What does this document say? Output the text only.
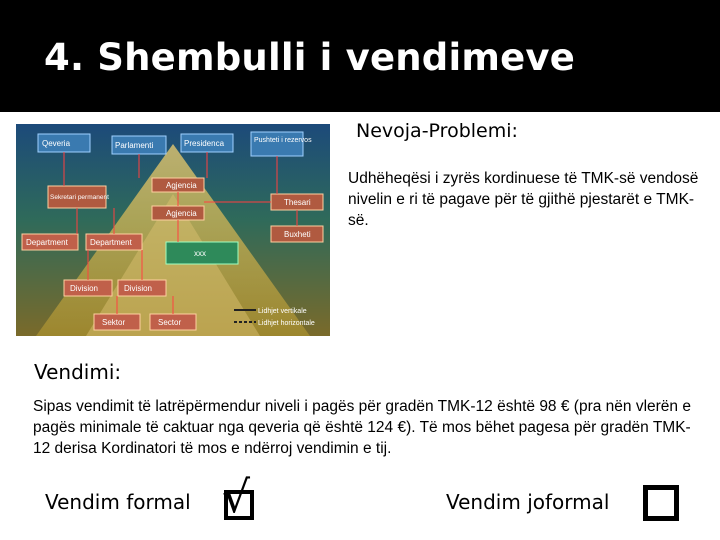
4. Shembulli i vendimeve
Qeveria	Parlamenti	Presidenca	Pushteti i rezervos
Sekretari permanent
Agjencia
Agjencia
Thesari
Buxheti
Department	Department
xxx
Division	Division
Sektor	Sector
Lidhjet vertikale
Lidhjet horizontale
Nevoja-Problemi:
Udhëheqësi i zyrës kordinuese të TMK-së vendosë nivelin e ri të pagave për të gjithë pjestarët e TMK-së.
Vendimi:
Sipas vendimit të latrëpërmendur niveli i pagës për gradën TMK-12 është 98 € (pra nën vlerën e pagës minimale të caktuar nga qeveria që është 124 €). Të mos bëhet pagesa për gradën TMK-12 derisa Kordinatori të mos e ndërroj vendimin e tij.
Vendim formal √	Vendim joformal
